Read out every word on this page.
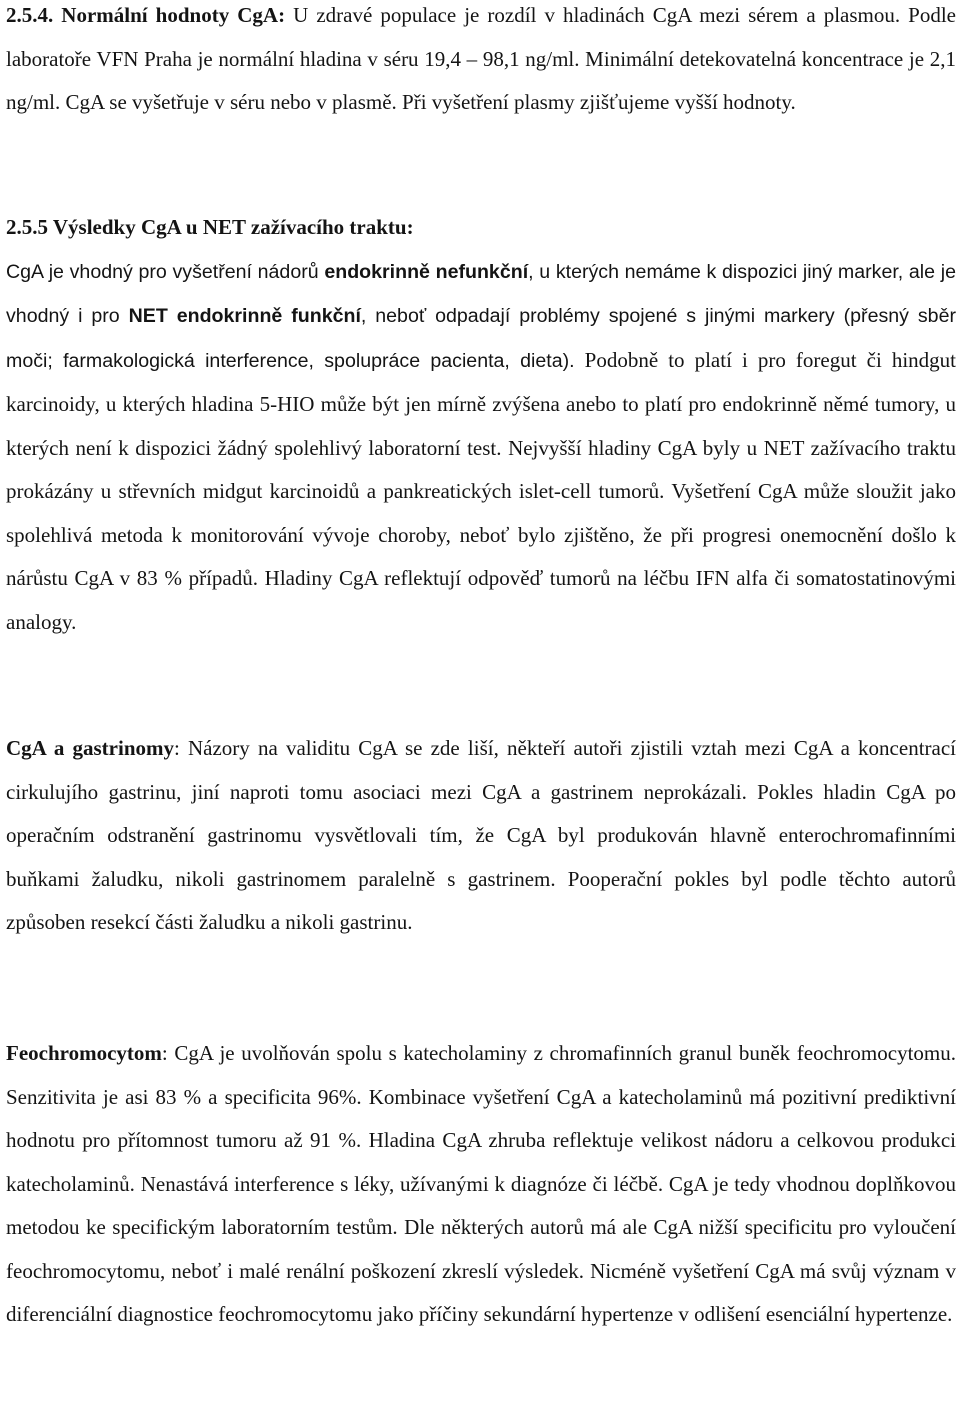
2.5.4. Normální hodnoty CgA: U zdravé populace je rozdíl v hladinách CgA mezi sérem a plasmou. Podle laboratoře VFN Praha je normální hladina v séru 19,4 – 98,1 ng/ml. Minimální detekovatelná koncentrace je 2,1 ng/ml. CgA se vyšetřuje v séru nebo v plasmě. Při vyšetření plasmy zjišťujeme vyšší hodnoty.

2.5.5 Výsledky CgA u NET zažívacího traktu:
CgA je vhodný pro vyšetření nádorů endokrinně nefunkční, u kterých nemáme k dispozici jiný marker, ale je vhodný i pro NET endokrinně funkční, neboť odpadají problémy spojené s jinými markery (přesný sběr moči; farmakologická interference, spolupráce pacienta, dieta). Podobně to platí i pro foregut či hindgut karcinoidy, u kterých hladina 5-HIO může být jen mírně zvýšena anebo to platí pro endokrinně němé tumory, u kterých není k dispozici žádný spolehlivý laboratorní test. Nejvyšší hladiny CgA byly u NET zažívacího traktu prokázány u střevních midgut karcinoidů a pankreatických islet-cell tumorů. Vyšetření CgA může sloužit jako spolehlivá metoda k monitorování vývoje choroby, neboť bylo zjištěno, že při progresi onemocnění došlo k nárůstu CgA v 83 % případů. Hladiny CgA reflektují odpověď tumorů na léčbu IFN alfa či somatostatinovými analogy.

CgA a gastrinomy: Názory na validitu CgA se zde liší, někteří autoři zjistili vztah mezi CgA a koncentrací cirkulujího gastrinu, jiní naproti tomu asociaci mezi CgA a gastrinem neprokázali. Pokles hladin CgA po operačním odstranění gastrinomu vysvětlovali tím, že CgA byl produkován hlavně enterochromafinními buňkami žaludku, nikoli gastrinomem paralelně s gastrinem. Pooperační pokles byl podle těchto autorů způsoben resekcí části žaludku a nikoli gastrinu.

Feochromocytom: CgA je uvolňován spolu s katecholaminy z chromafinních granul buněk feochromocytomu. Senzitivita je asi 83 % a specificita 96%. Kombinace vyšetření CgA a katecholaminů má pozitivní prediktivní hodnotu pro přítomnost tumoru až 91 %. Hladina CgA zhruba reflektuje velikost nádoru a celkovou produkci katecholaminů. Nenastává interference s léky, užívanými k diagnóze či léčbě. CgA je tedy vhodnou doplňkovou metodou ke specifickým laboratorním testům. Dle některých autorů má ale CgA nižší specificitu pro vyloučení feochromocytomu, neboť i malé renální poškození zkreslí výsledek. Nicméně vyšetření CgA má svůj význam v diferenciální diagnostice feochromocytomu jako příčiny sekundární hypertenze v odlišení esenciální hypertenze.
